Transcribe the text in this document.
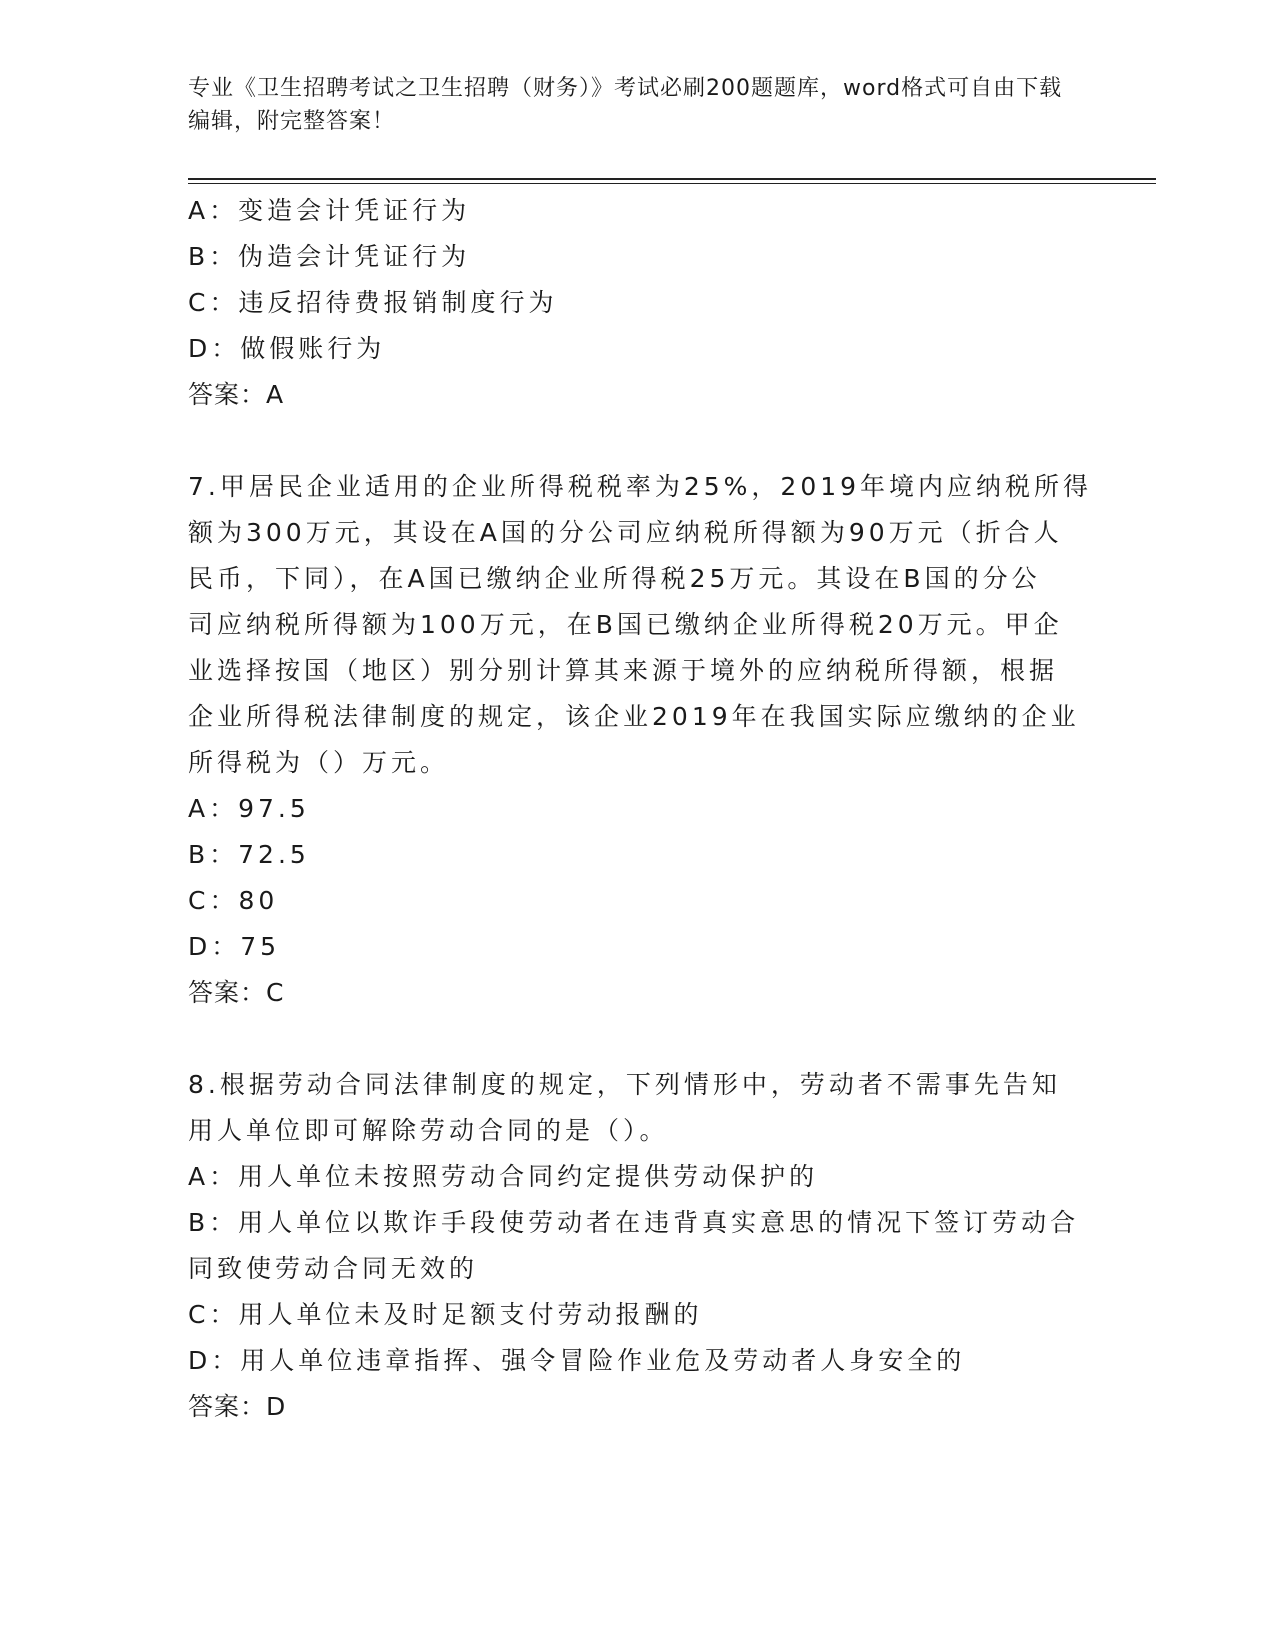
专业《卫生招聘考试之卫生招聘（财务）》考试必刷200题题库，word格式可自由下载编辑，附完整答案！
A：变造会计凭证行为
B：伪造会计凭证行为
C：违反招待费报销制度行为
D：做假账行为
答案：A
7.甲居民企业适用的企业所得税税率为25%，2019年境内应纳税所得
额为300万元，其设在A国的分公司应纳税所得额为90万元（折合人
民币，下同），在A国已缴纳企业所得税25万元。其设在B国的分公
司应纳税所得额为100万元，在B国已缴纳企业所得税20万元。甲企
业选择按国（地区）别分别计算其来源于境外的应纳税所得额，根据
企业所得税法律制度的规定，该企业2019年在我国实际应缴纳的企业
所得税为（）万元。
A：97.5
B：72.5
C：80
D：75
答案：C
8.根据劳动合同法律制度的规定，下列情形中，劳动者不需事先告知
用人单位即可解除劳动合同的是（）。
A：用人单位未按照劳动合同约定提供劳动保护的
B：用人单位以欺诈手段使劳动者在违背真实意思的情况下签订劳动合
同致使劳动合同无效的
C：用人单位未及时足额支付劳动报酬的
D：用人单位违章指挥、强令冒险作业危及劳动者人身安全的
答案：D
